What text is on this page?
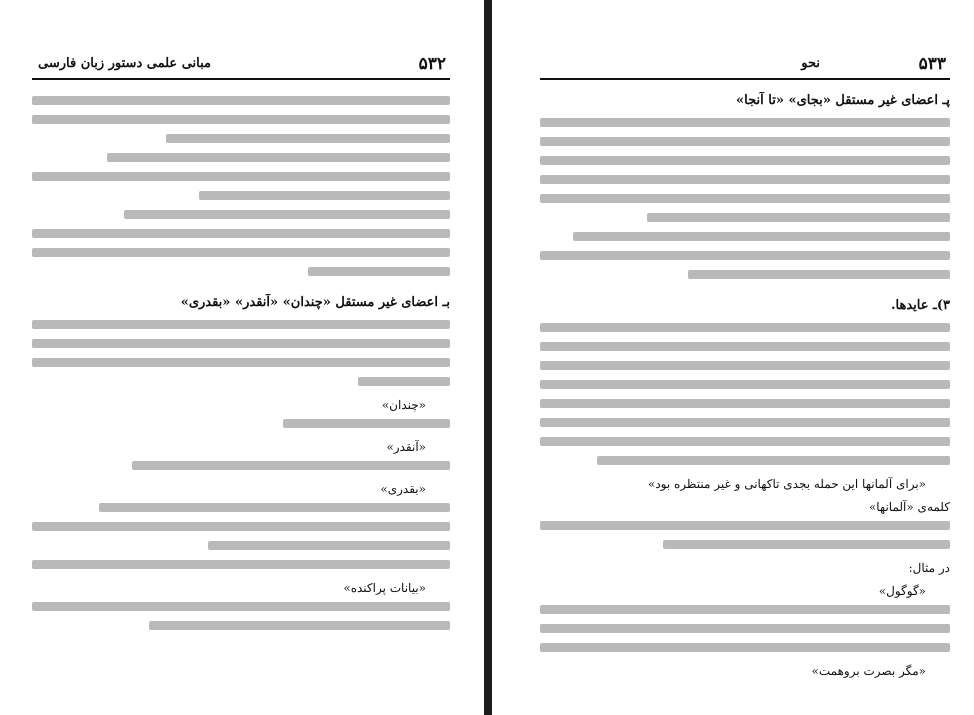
۵۳۲
مبانی علمی دستور زبان فارسی
بـ‌ اعضای غیر مستقل «چندان» «آنقدر» «بقدری»
«چندان»
«آنقدر»
«بقدری»
«بیانات پراکنده»
۵۳۳
نحو
پـ‌ اعضای غیر مستقل «بجای» «تا آنجا»
۳)ـ عایدها.
«برای آلمانها این حمله بجدی تاکهانی و غیر منتظره بود»
کلمه‌ی «آلمانها»
در مثال:
«گوگول»
«مگر بصرت بروهمت»
